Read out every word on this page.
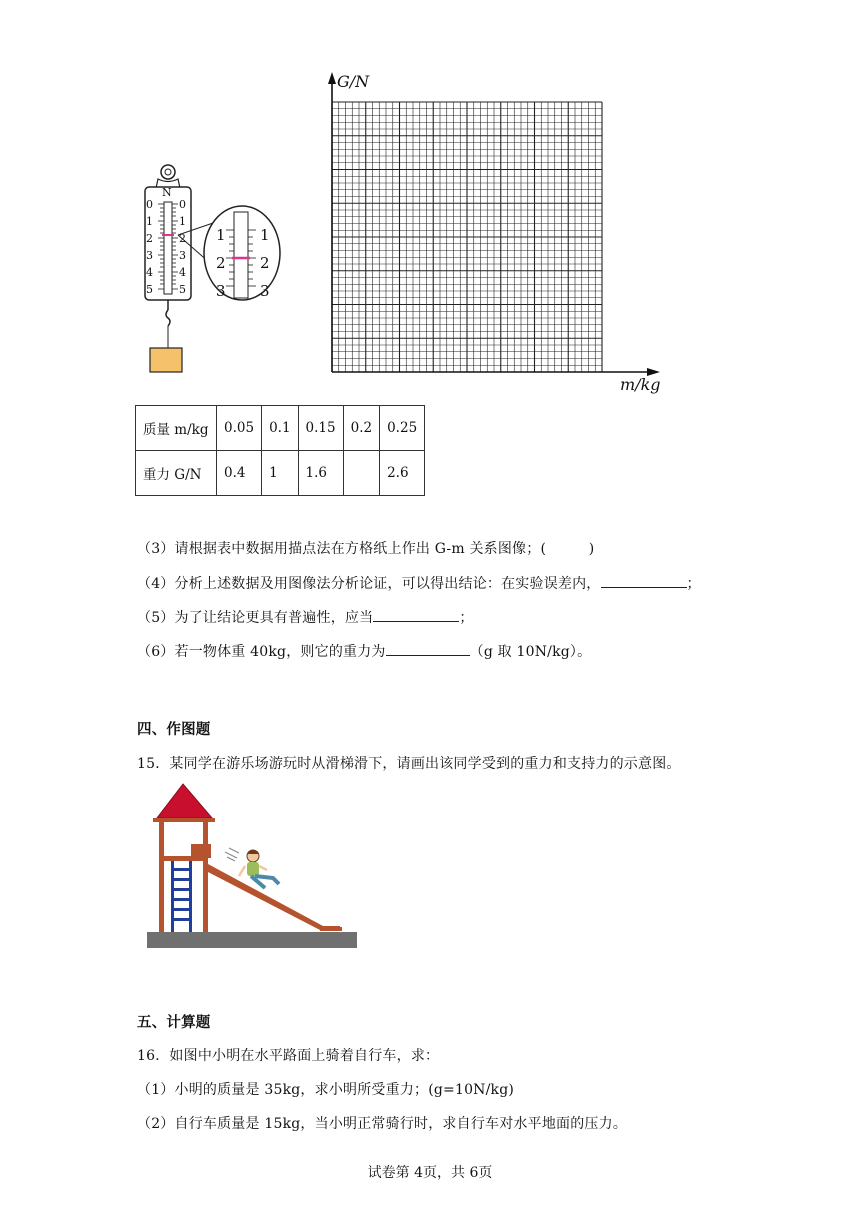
N
0
1
2
3
4
5
0
1
2
3
4
5
1
2
3
1
2
3
G/N
m/kg
质量 m/kg	0.05	0.1	0.15	0.2	0.25
重力 G/N	0.4	1	1.6		2.6
（3）请根据表中数据用描点法在方格纸上作出 G-m 关系图像；(　　　)
（4）分析上述数据及用图像法分析论证，可以得出结论：在实验误差内，	；
（5）为了让结论更具有普遍性，应当	；
（6）若一物体重 40kg，则它的重力为	（g 取 10N/kg）。
四、作图题
15．某同学在游乐场游玩时从滑梯滑下，请画出该同学受到的重力和支持力的示意图。
五、计算题
16．如图中小明在水平路面上骑着自行车，求：
（1）小明的质量是 35kg，求小明所受重力；(g=10N/kg)
（2）自行车质量是 15kg，当小明正常骑行时，求自行车对水平地面的压力。
试卷第 4页，共 6页
